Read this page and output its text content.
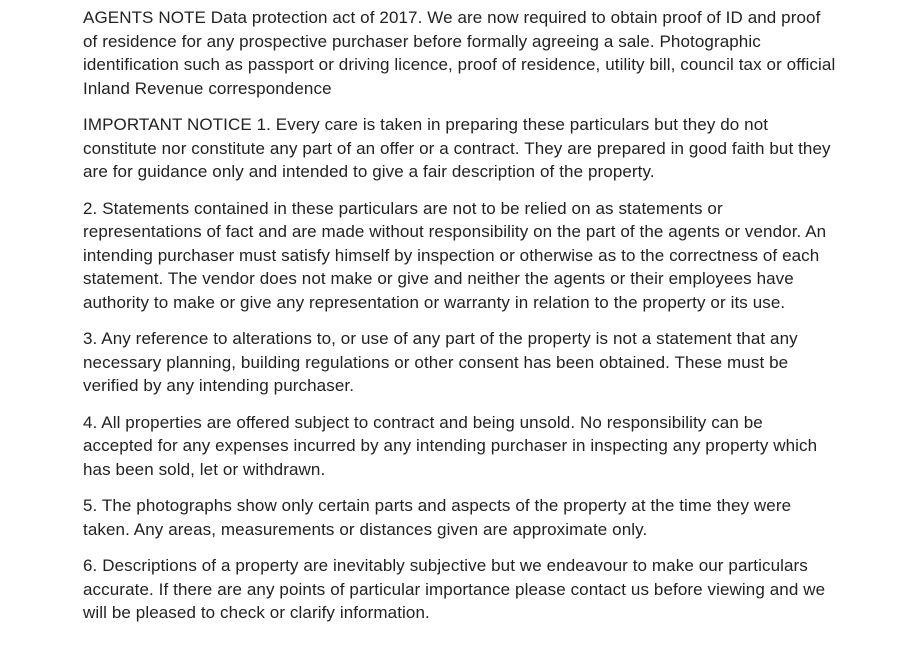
AGENTS NOTE Data protection act of 2017. We are now required to obtain proof of ID and proof of residence for any prospective purchaser before formally agreeing a sale. Photographic identification such as passport or driving licence, proof of residence, utility bill, council tax or official Inland Revenue correspondence

IMPORTANT NOTICE 1. Every care is taken in preparing these particulars but they do not constitute nor constitute any part of an offer or a contract. They are prepared in good faith but they are for guidance only and intended to give a fair description of the property.

2. Statements contained in these particulars are not to be relied on as statements or representations of fact and are made without responsibility on the part of the agents or vendor. An intending purchaser must satisfy himself by inspection or otherwise as to the correctness of each statement. The vendor does not make or give and neither the agents or their employees have authority to make or give any representation or warranty in relation to the property or its use.

3. Any reference to alterations to, or use of any part of the property is not a statement that any necessary planning, building regulations or other consent has been obtained. These must be verified by any intending purchaser.

4. All properties are offered subject to contract and being unsold. No responsibility can be accepted for any expenses incurred by any intending purchaser in inspecting any property which has been sold, let or withdrawn.

5. The photographs show only certain parts and aspects of the property at the time they were taken. Any areas, measurements or distances given are approximate only.

6. Descriptions of a property are inevitably subjective but we endeavour to make our particulars accurate. If there are any points of particular importance please contact us before viewing and we will be pleased to check or clarify information.
